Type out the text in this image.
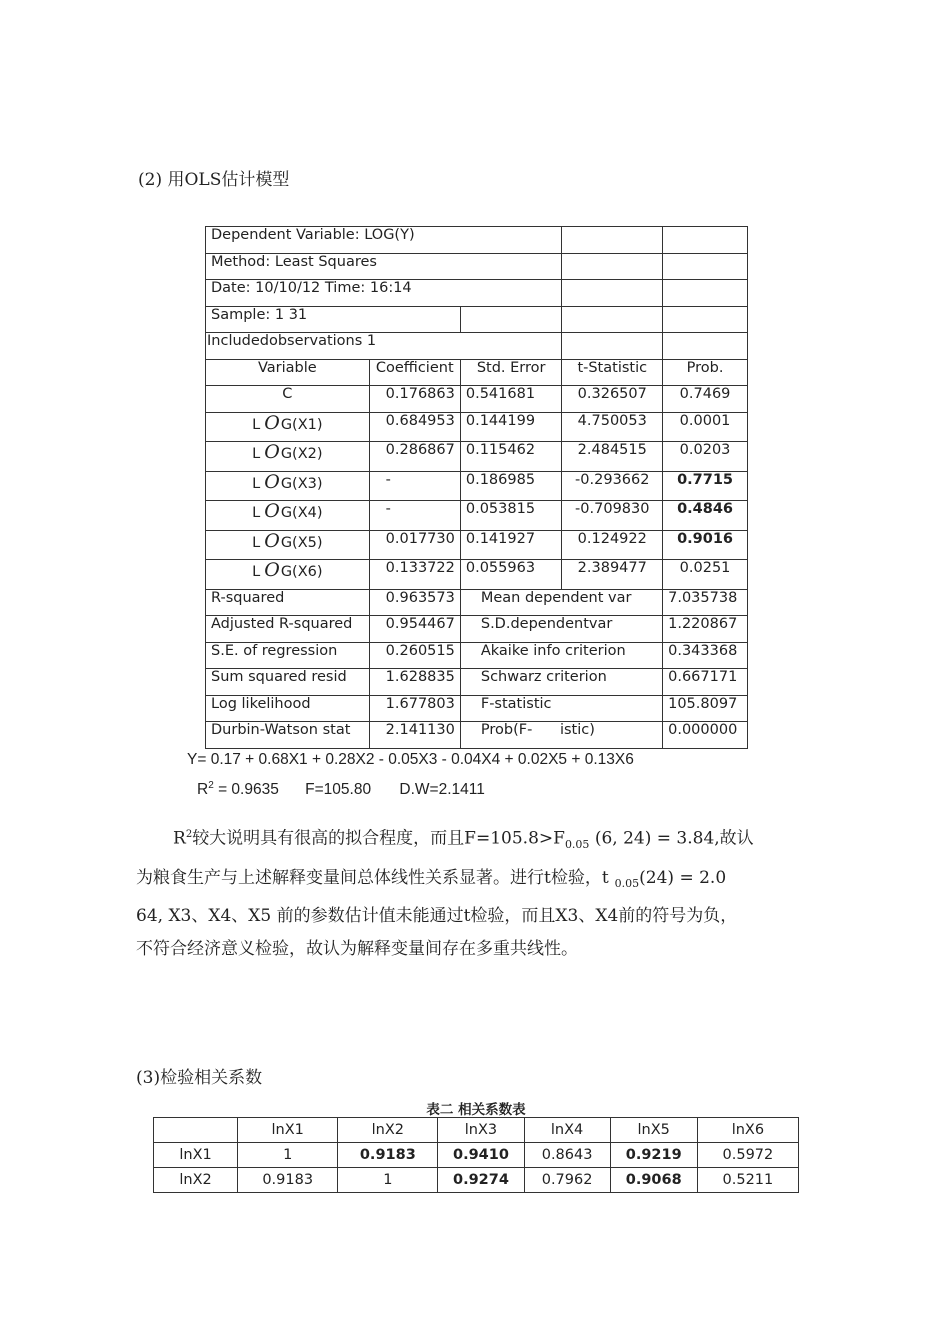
(2) 用OLS估计模型
Dependent Variable: LOG(Y)				
Method: Least Squares				
Date: 10/10/12 Time: 16:14				
Sample: 1 31				
Includedobservations 1				
Variable	Coefficient	Std. Error	t-Statistic	Prob.
C	0.176863	0.541681	0.326507	0.7469
L OG(X1)	0.684953	0.144199	4.750053	0.0001
L OG(X2)	0.286867	0.115462	2.484515	0.0203
L OG(X3)	-	0.186985	-0.293662	0.7715
L OG(X4)	-	0.053815	-0.709830	0.4846
L OG(X5)	0.017730	0.141927	0.124922	0.9016
L OG(X6)	0.133722	0.055963	2.389477	0.0251
R-squared	0.963573	Mean dependent var		7.035738
Adjusted R-squared	0.954467	S.D.dependentvar		1.220867
S.E. of regression	0.260515	Akaike info criterion		0.343368
Sum squared resid	1.628835	Schwarz criterion		0.667171
Log likelihood	1.677803	F-statistic		105.8097
Durbin-Watson stat	2.141130	Prob(F-      istic)		0.000000
Y= 0.17 + 0.68X1 + 0.28X2 - 0.05X3 - 0.04X4 + 0.02X5 + 0.13X6
$R^2 = 0.9635$ F=105.80 D.W=2.1411
$R^2$较大说明具有很高的拟合程度，而且$F=105.8>F_{0.05}$ (6, 24) = 3.84,故认
为粮食生产与上述解释变量间总体线性关系显著。进行t检验，t $_{0.05}$(24) = 2.0
64, X3、X4、X5 前的参数估计值未能通过t检验，而且X3、X4前的符号为负，
不符合经济意义检验，故认为解释变量间存在多重共线性。
(3)检验相关系数
表二 相关系数表
	lnX1	lnX2	lnX3	lnX4	lnX5	lnX6
lnX1	1	0.9183	0.9410	0.8643	0.9219	0.5972
lnX2	0.9183	1	0.9274	0.7962	0.9068	0.5211
